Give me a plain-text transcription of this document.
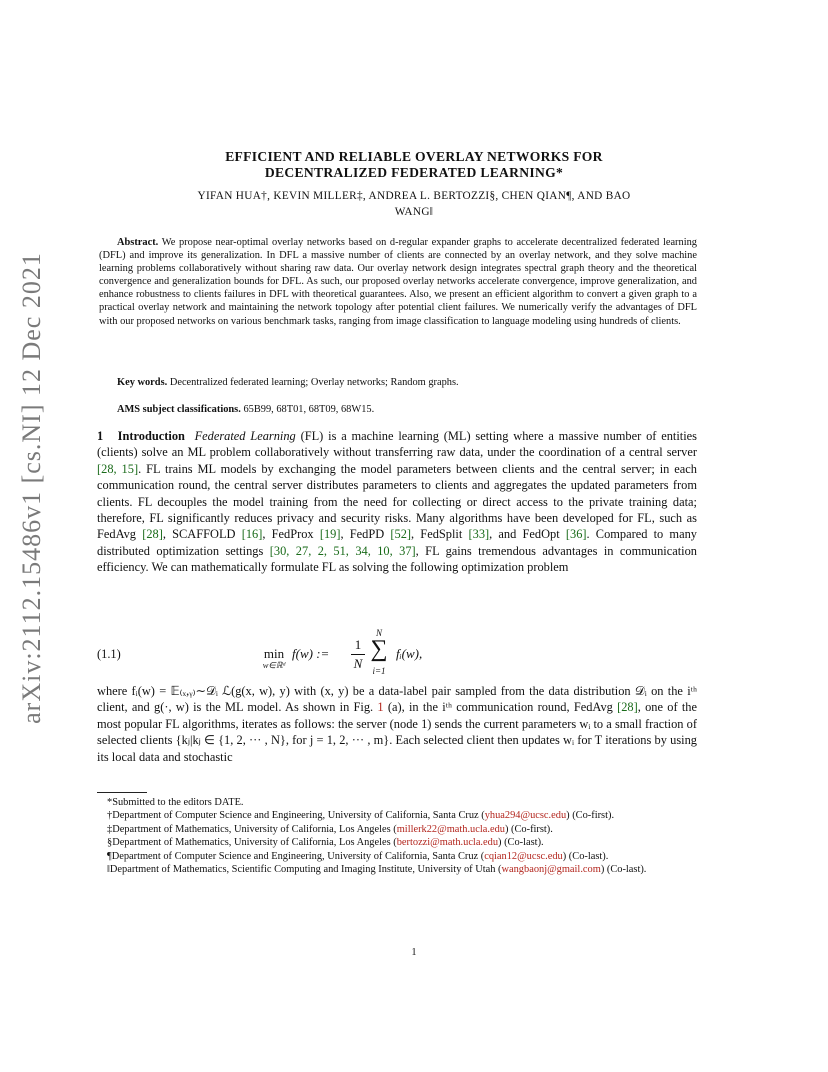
arXiv:2112.15486v1 [cs.NI] 12 Dec 2021
EFFICIENT AND RELIABLE OVERLAY NETWORKS FOR
DECENTRALIZED FEDERATED LEARNING*
YIFAN HUA†, KEVIN MILLER‡, ANDREA L. BERTOZZI§, CHEN QIAN¶, AND BAO
WANG‖

Abstract. We propose near-optimal overlay networks based on d-regular expander graphs to accelerate decentralized federated learning (DFL) and improve its generalization. In DFL a massive number of clients are connected by an overlay network, and they solve machine learning problems collaboratively without sharing raw data. Our overlay network design integrates spectral graph theory and the theoretical convergence and generalization bounds for DFL. As such, our proposed overlay networks accelerate convergence, improve generalization, and enhance robustness to clients failures in DFL with theoretical guarantees. Also, we present an efficient algorithm to convert a given graph to a practical overlay network and maintaining the network topology after potential client failures. We numerically verify the advantages of DFL with our proposed networks on various benchmark tasks, ranging from image classification to language modeling using hundreds of clients.

Key words. Decentralized federated learning; Overlay networks; Random graphs.
AMS subject classifications. 65B99, 68T01, 68T09, 68W15.

1 Introduction Federated Learning (FL) is a machine learning (ML) setting where a massive number of entities (clients) solve an ML problem collaboratively without transferring raw data, under the coordination of a central server [28, 15]. FL trains ML models by exchanging the model parameters between clients and the central server; in each communication round, the central server distributes parameters to clients and aggregates the updated parameters from clients. FL decouples the model training from the need for collecting or direct access to the private training data; therefore, FL significantly reduces privacy and security risks. Many algorithms have been developed for FL, such as FedAvg [28], SCAFFOLD [16], FedProx [19], FedPD [52], FedSplit [33], and FedOpt [36]. Compared to many distributed optimization settings [30, 27, 2, 51, 34, 10, 37], FL gains tremendous advantages in communication efficiency. We can mathematically formulate FL as solving the following optimization problem

(1.1)	min
w∈ℝᵈ
f(w) :=
1
N
N
∑
i=1
fᵢ(w),

where fᵢ(w) = 𝔼₍ₓ,ᵧ₎∼𝒟ᵢ ℒ(g(x, w), y) with (x, y) be a data-label pair sampled from the data distribution 𝒟ᵢ on the iᵗʰ client, and g(·, w) is the ML model. As shown in Fig. 1 (a), in the iᵗʰ communication round, FedAvg [28], one of the most popular FL algorithms, iterates as follows: the server (node 1) sends the current parameters wᵢ to a small fraction of selected clients {kⱼ|kⱼ ∈ {1, 2, ··· , N}, for j = 1, 2, ··· , m}. Each selected client then updates wᵢ for T iterations by using its local data and stochastic

*Submitted to the editors DATE.

†Department of Computer Science and Engineering, University of California, Santa Cruz (yhua294@ucsc.edu) (Co-first).

‡Department of Mathematics, University of California, Los Angeles (millerk22@math.ucla.edu) (Co-first).

§Department of Mathematics, University of California, Los Angeles (bertozzi@math.ucla.edu) (Co-last).

¶Department of Computer Science and Engineering, University of California, Santa Cruz (cqian12@ucsc.edu) (Co-last).

‖Department of Mathematics, Scientific Computing and Imaging Institute, University of Utah (wangbaonj@gmail.com) (Co-last).

1
